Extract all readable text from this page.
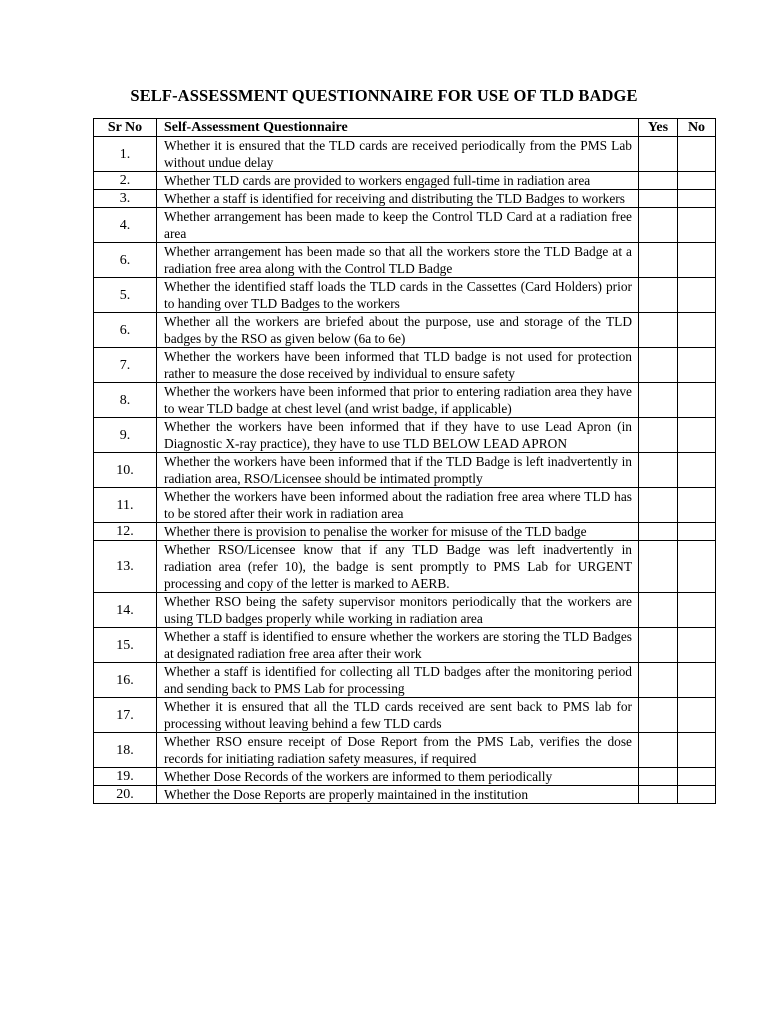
SELF-ASSESSMENT QUESTIONNAIRE FOR USE OF TLD BADGE
Sr No	Self-Assessment Questionnaire	Yes	No
1.	Whether it is ensured that the TLD cards are received periodically from the PMS Lab without undue delay		
2.	Whether TLD cards are provided to workers engaged full-time in radiation area		
3.	Whether a staff is identified for receiving and distributing the TLD Badges to workers		
4.	Whether arrangement has been made to keep the Control TLD Card at a radiation free area		
6.	Whether arrangement has been made so that all the workers store the TLD Badge at a radiation free area along with the Control TLD Badge		
5.	Whether the identified staff loads the TLD cards in the Cassettes (Card Holders) prior to handing over TLD Badges to the workers		
6.	Whether all the workers are briefed about the purpose, use and storage of the TLD badges by the RSO as given below (6a to 6e)		
7.	Whether the workers have been informed that TLD badge is not used for protection rather to measure the dose received by individual to ensure safety		
8.	Whether the workers have been informed that prior to entering radiation area they have to wear TLD badge at chest level (and wrist badge, if applicable)		
9.	Whether the workers have been informed that if they have to use Lead Apron (in Diagnostic X-ray practice), they have to use TLD BELOW LEAD APRON		
10.	Whether the workers have been informed that if the TLD Badge is left inadvertently in radiation area, RSO/Licensee should be intimated promptly		
11.	Whether the workers have been informed about the radiation free area where TLD has to be stored after their work in radiation area		
12.	Whether there is provision to penalise the worker for misuse of the TLD badge		
13.	Whether RSO/Licensee know that if any TLD Badge was left inadvertently in radiation area (refer 10), the badge is sent promptly to PMS Lab for URGENT processing and copy of the letter is marked to AERB.		
14.	Whether RSO being the safety supervisor monitors periodically that the workers are using TLD badges properly while working in radiation area		
15.	Whether a staff is identified to ensure whether the workers are storing the TLD Badges at designated radiation free area after their work		
16.	Whether a staff is identified for collecting all TLD badges after the monitoring period and sending back to PMS Lab for processing		
17.	Whether it is ensured that all the TLD cards received are sent back to PMS lab for processing without leaving behind a few TLD cards		
18.	Whether RSO ensure receipt of Dose Report from the PMS Lab, verifies the dose records for initiating radiation safety measures, if required		
19.	Whether Dose Records of the workers are informed to them periodically		
20.	Whether the Dose Reports are properly maintained in the institution		
